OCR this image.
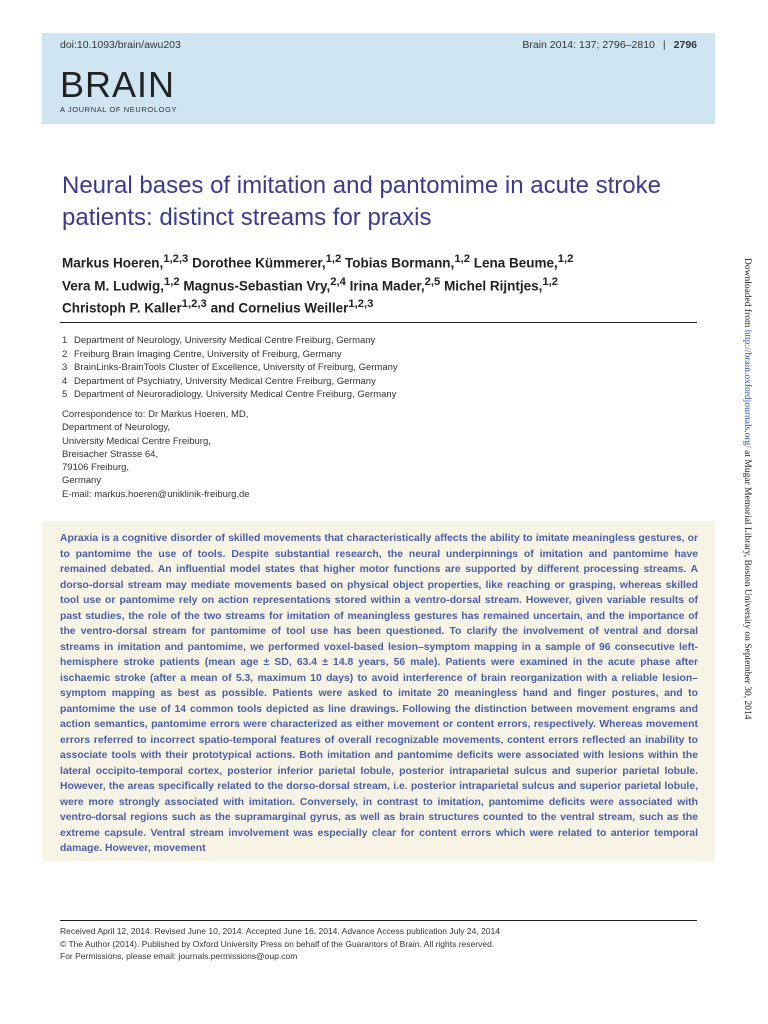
doi:10.1093/brain/awu203	Brain 2014: 137; 2796–2810 | 2796
BRAIN
A JOURNAL OF NEUROLOGY
Neural bases of imitation and pantomime in acute stroke patients: distinct streams for praxis
Markus Hoeren,$^{1,2,3}$ Dorothee Kümmerer,$^{1,2}$ Tobias Bormann,$^{1,2}$ Lena Beume,$^{1,2}$
Vera M. Ludwig,$^{1,2}$ Magnus-Sebastian Vry,$^{2,4}$ Irina Mader,$^{2,5}$ Michel Rijntjes,$^{1,2}$
Christoph P. Kaller$^{1,2,3}$ and Cornelius Weiller$^{1,2,3}$
1 Department of Neurology, University Medical Centre Freiburg, Germany
2 Freiburg Brain Imaging Centre, University of Freiburg, Germany
3 BrainLinks-BrainTools Cluster of Excellence, University of Freiburg, Germany
4 Department of Psychiatry, University Medical Centre Freiburg, Germany
5 Department of Neuroradiology, University Medical Centre Freiburg, Germany
Correspondence to: Dr Markus Hoeren, MD,
Department of Neurology,
University Medical Centre Freiburg,
Breisacher Strasse 64,
79106 Freiburg,
Germany
E-mail: markus.hoeren@uniklinik-freiburg.de

Apraxia is a cognitive disorder of skilled movements that characteristically affects the ability to imitate meaningless gestures, or to pantomime the use of tools. Despite substantial research, the neural underpinnings of imitation and pantomime have remained debated. An influential model states that higher motor functions are supported by different processing streams. A dorso-dorsal stream may mediate movements based on physical object properties, like reaching or grasping, whereas skilled tool use or pantomime rely on action representations stored within a ventro-dorsal stream. However, given variable results of past studies, the role of the two streams for imitation of meaningless gestures has remained uncertain, and the importance of the ventro-dorsal stream for pantomime of tool use has been questioned. To clarify the involvement of ventral and dorsal streams in imitation and pantomime, we performed voxel-based lesion–symptom mapping in a sample of 96 consecutive left-hemisphere stroke patients (mean age ± SD, 63.4 ± 14.8 years, 56 male). Patients were examined in the acute phase after ischaemic stroke (after a mean of 5.3, maximum 10 days) to avoid interference of brain reorganization with a reliable lesion–symptom mapping as best as possible. Patients were asked to imitate 20 meaningless hand and finger postures, and to pantomime the use of 14 common tools depicted as line drawings. Following the distinction between movement engrams and action semantics, pantomime errors were characterized as either movement or content errors, respectively. Whereas movement errors referred to incorrect spatio-temporal features of overall recognizable movements, content errors reflected an inability to associate tools with their prototypical actions. Both imitation and pantomime deficits were associated with lesions within the lateral occipito-temporal cortex, posterior inferior parietal lobule, posterior intraparietal sulcus and superior parietal lobule. However, the areas specifically related to the dorso-dorsal stream, i.e. posterior intraparietal sulcus and superior parietal lobule, were more strongly associated with imitation. Conversely, in contrast to imitation, pantomime deficits were associated with ventro-dorsal regions such as the supramarginal gyrus, as well as brain structures counted to the ventral stream, such as the extreme capsule. Ventral stream involvement was especially clear for content errors which were related to anterior temporal damage. However, movement

Received April 12, 2014. Revised June 10, 2014. Accepted June 16, 2014. Advance Access publication July 24, 2014
© The Author (2014). Published by Oxford University Press on behalf of the Guarantors of Brain. All rights reserved.
For Permissions, please email: journals.permissions@oup.com
Downloaded from http://brain.oxfordjournals.org/ at Mugar Memorial Library, Boston University on September 30, 2014
